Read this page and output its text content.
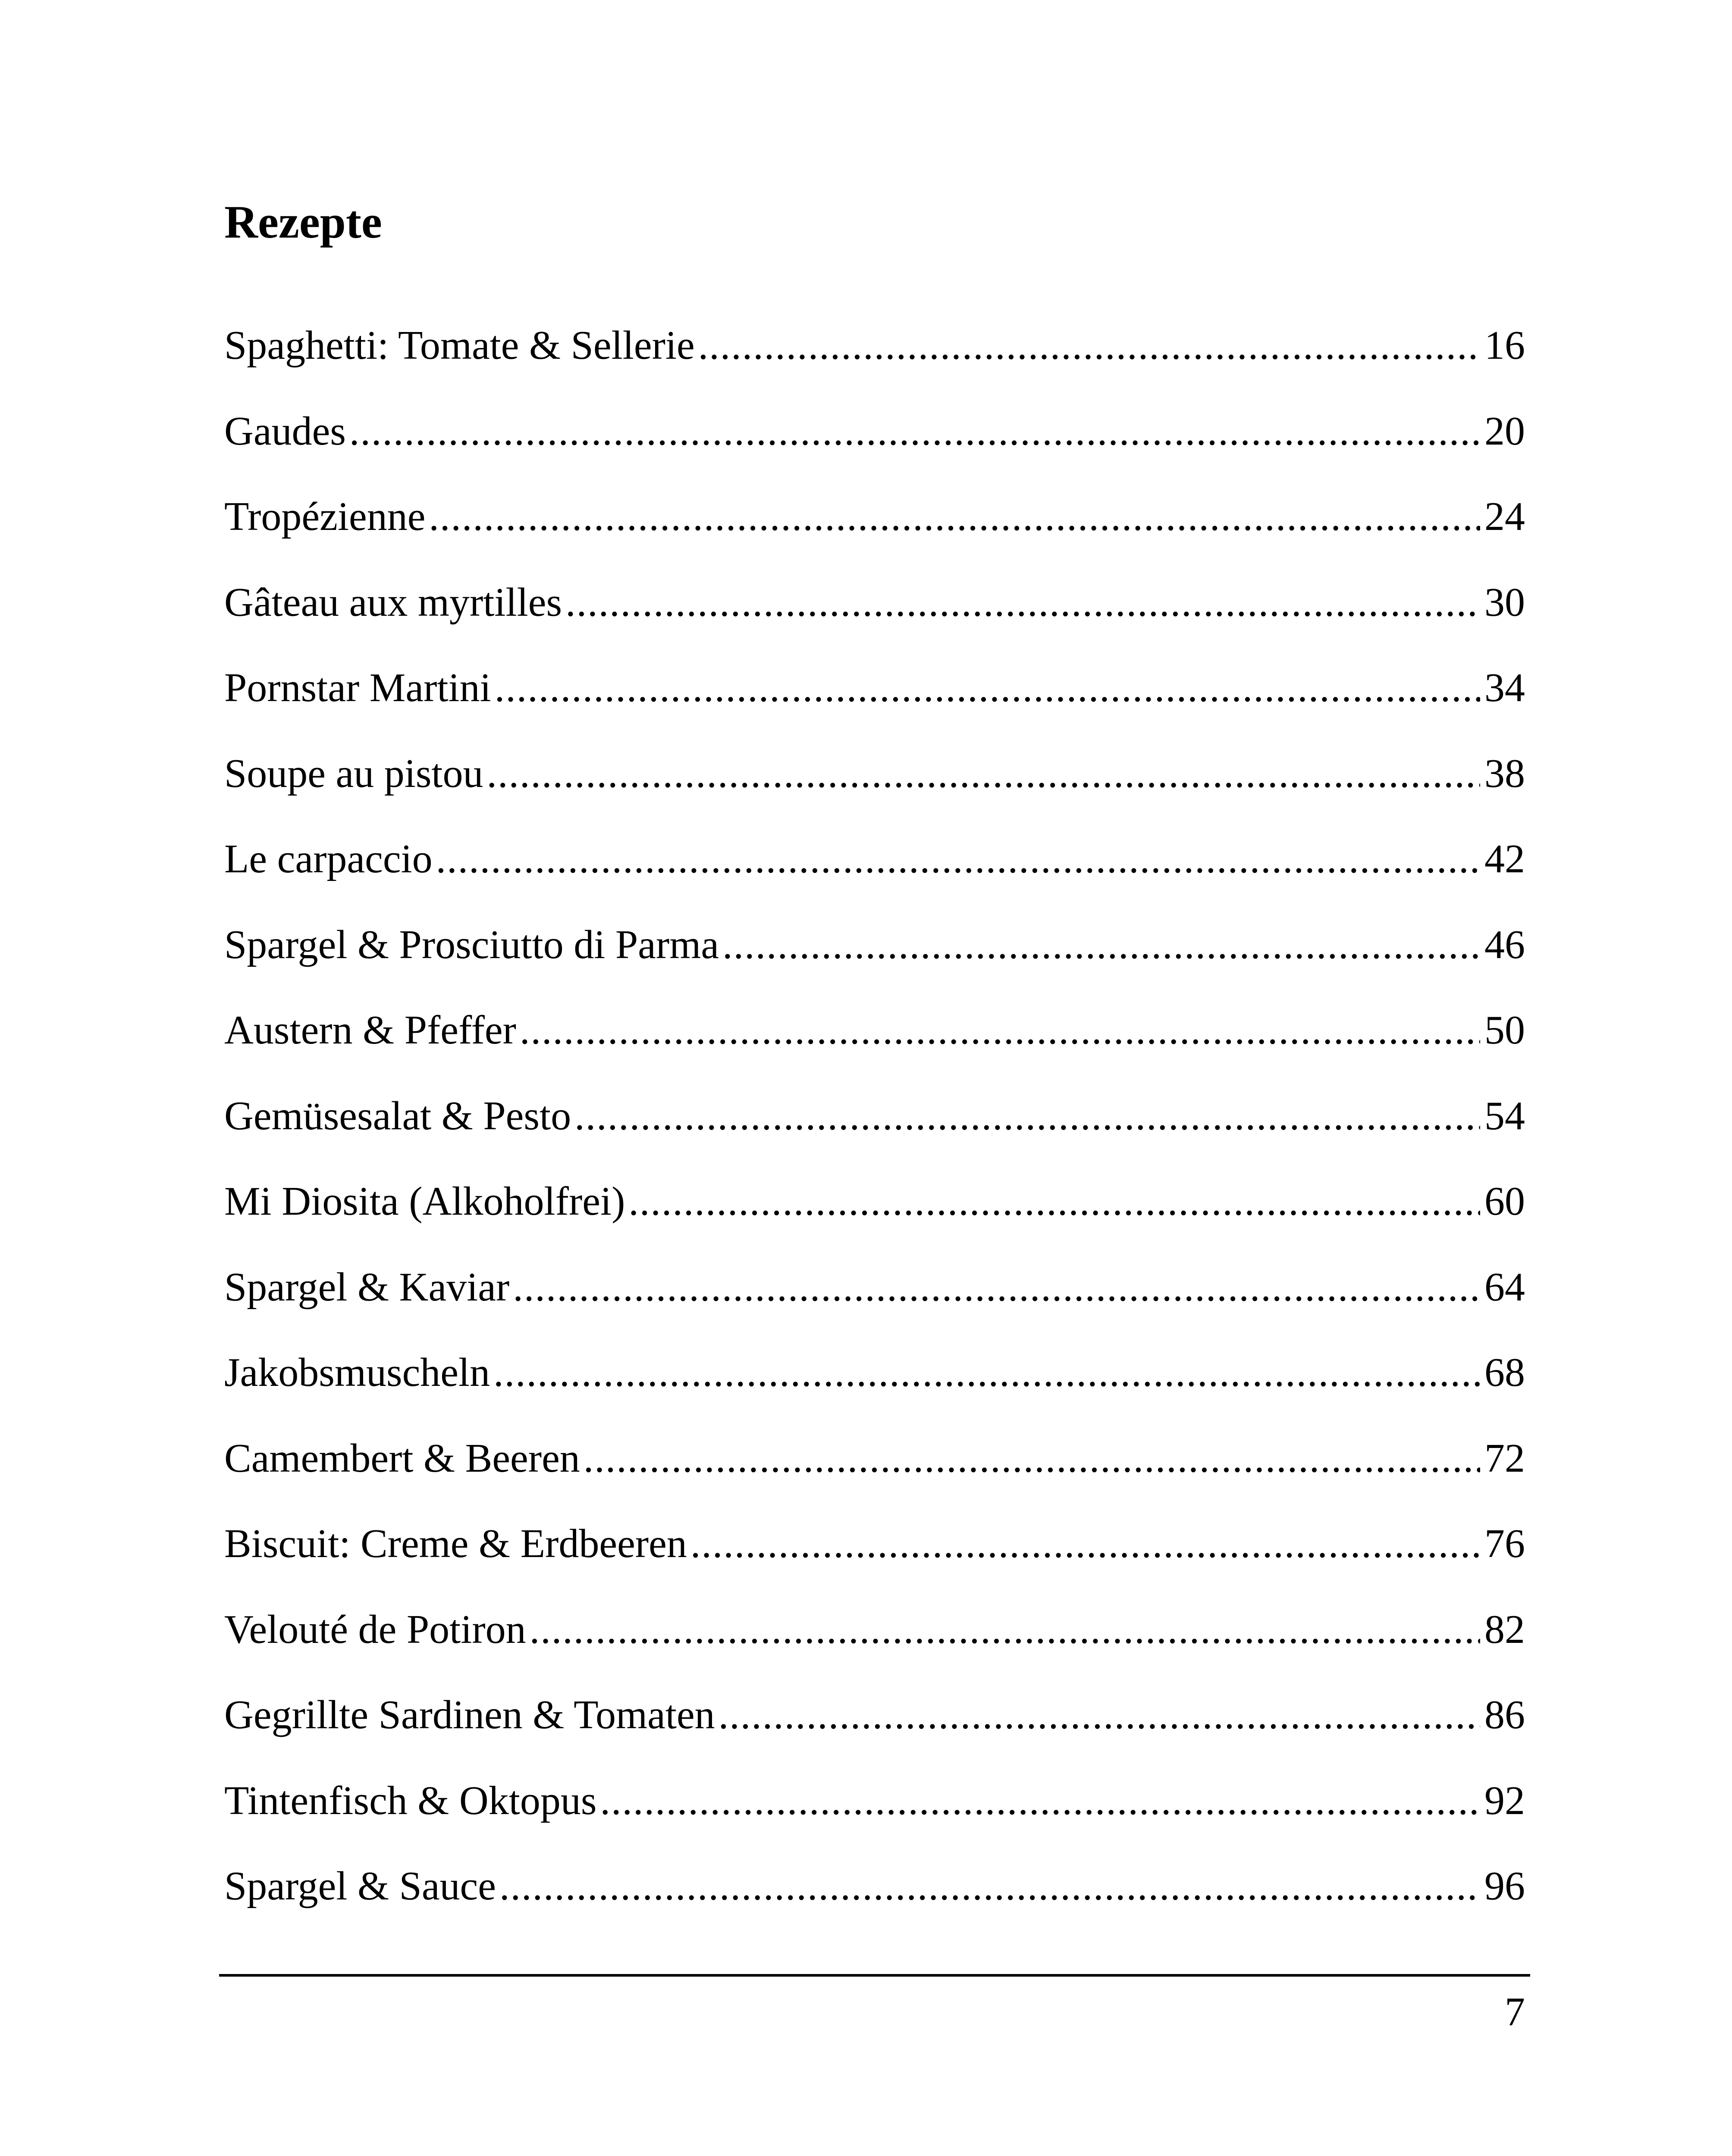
Rezepte
Spaghetti: Tomate & Sellerie .....	16
Gaudes .....	20
Tropézienne .....	24
Gâteau aux myrtilles .....	30
Pornstar Martini .....	34
Soupe au pistou .....	38
Le carpaccio .....	42
Spargel & Prosciutto di Parma .....	46
Austern & Pfeffer .....	50
Gemüsesalat & Pesto .....	54
Mi Diosita (Alkoholfrei) .....	60
Spargel & Kaviar .....	64
Jakobsmuscheln .....	68
Camembert & Beeren .....	72
Biscuit: Creme & Erdbeeren .....	76
Velouté de Potiron .....	82
Gegrillte Sardinen & Tomaten .....	86
Tintenfisch & Oktopus .....	92
Spargel & Sauce .....	96
7
